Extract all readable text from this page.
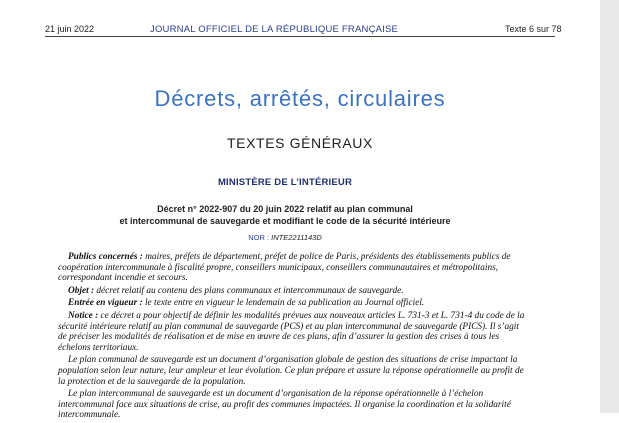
21 juin 2022	JOURNAL OFFICIEL DE LA RÉPUBLIQUE FRANÇAISE	Texte 6 sur 78
Décrets, arrêtés, circulaires
TEXTES GÉNÉRAUX
MINISTÈRE DE L’INTÉRIEUR
Décret n° 2022-907 du 20 juin 2022 relatif au plan communal
et intercommunal de sauvegarde et modifiant le code de la sécurité intérieure
NOR : INTE2211143D

Publics concernés : maires, préfets de département, préfet de police de Paris, présidents des établissements publics de coopération intercommunale à fiscalité propre, conseillers municipaux, conseillers communautaires et métropolitains, correspondant incendie et secours.

Objet : décret relatif au contenu des plans communaux et intercommunaux de sauvegarde.

Entrée en vigueur : le texte entre en vigueur le lendemain de sa publication au Journal officiel.

Notice : ce décret a pour objectif de définir les modalités prévues aux nouveaux articles L. 731-3 et L. 731-4 du code de la sécurité intérieure relatif au plan communal de sauvegarde (PCS) et au plan intercommunal de sauvegarde (PICS). Il s’agit de préciser les modalités de réalisation et de mise en œuvre de ces plans, afin d’assurer la gestion des crises à tous les échelons territoriaux.

Le plan communal de sauvegarde est un document d’organisation globale de gestion des situations de crise impactant la population selon leur nature, leur ampleur et leur évolution. Ce plan prépare et assure la réponse opérationnelle au profit de la protection et de la sauvegarde de la population.

Le plan intercommunal de sauvegarde est un document d’organisation de la réponse opérationnelle à l’échelon intercommunal face aux situations de crise, au profit des communes impactées. Il organise la coordination et la solidarité intercommunale.
